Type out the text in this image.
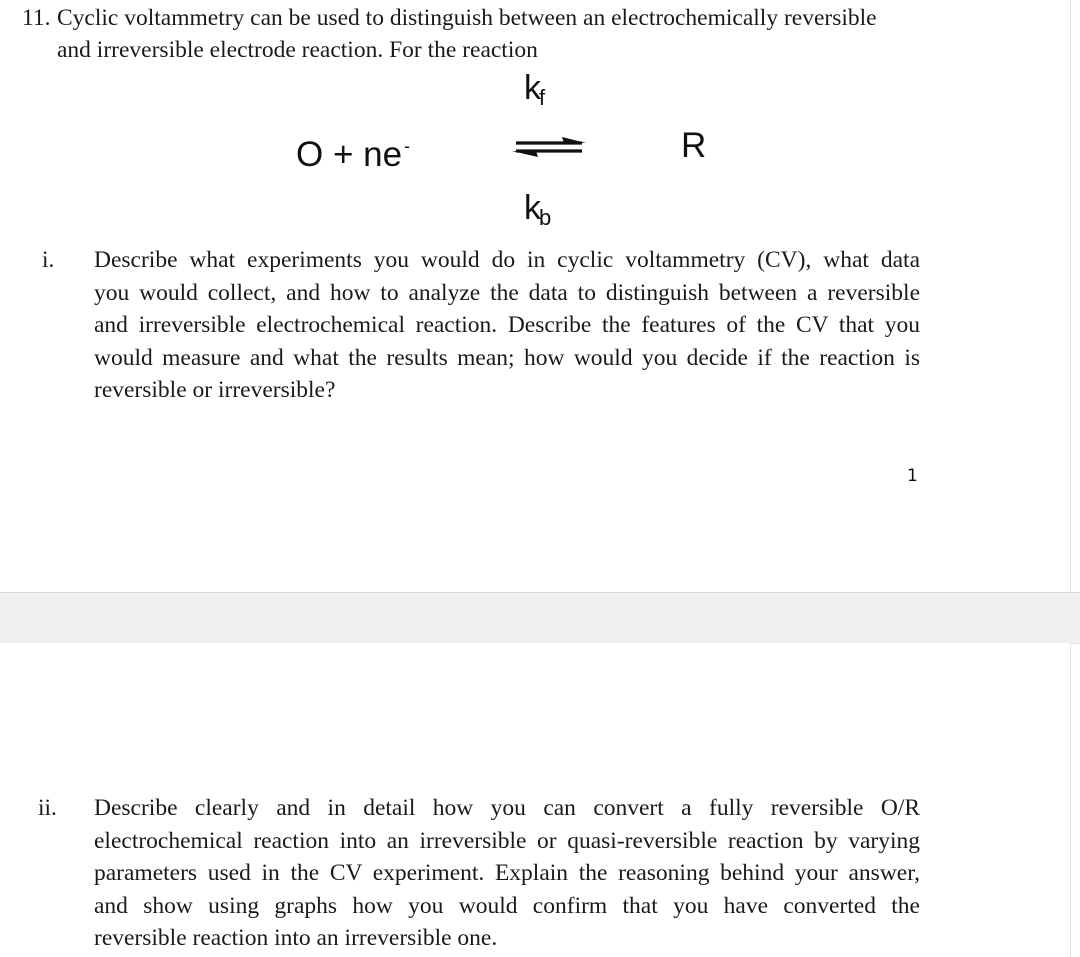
11. Cyclic voltammetry can be used to distinguish between an electrochemically reversible
and irreversible electrode reaction. For the reaction
$k_f$
O + ne -	R
$k_b$
i. Describe what experiments you would do in cyclic voltammetry (CV), what data
you would collect, and how to analyze the data to distinguish between a reversible
and irreversible electrochemical reaction. Describe the features of the CV that you
would measure and what the results mean; how would you decide if the reaction is
reversible or irreversible?
1
ii. Describe clearly and in detail how you can convert a fully reversible O/R
electrochemical reaction into an irreversible or quasi-reversible reaction by varying
parameters used in the CV experiment. Explain the reasoning behind your answer,
and show using graphs how you would confirm that you have converted the
reversible reaction into an irreversible one.
